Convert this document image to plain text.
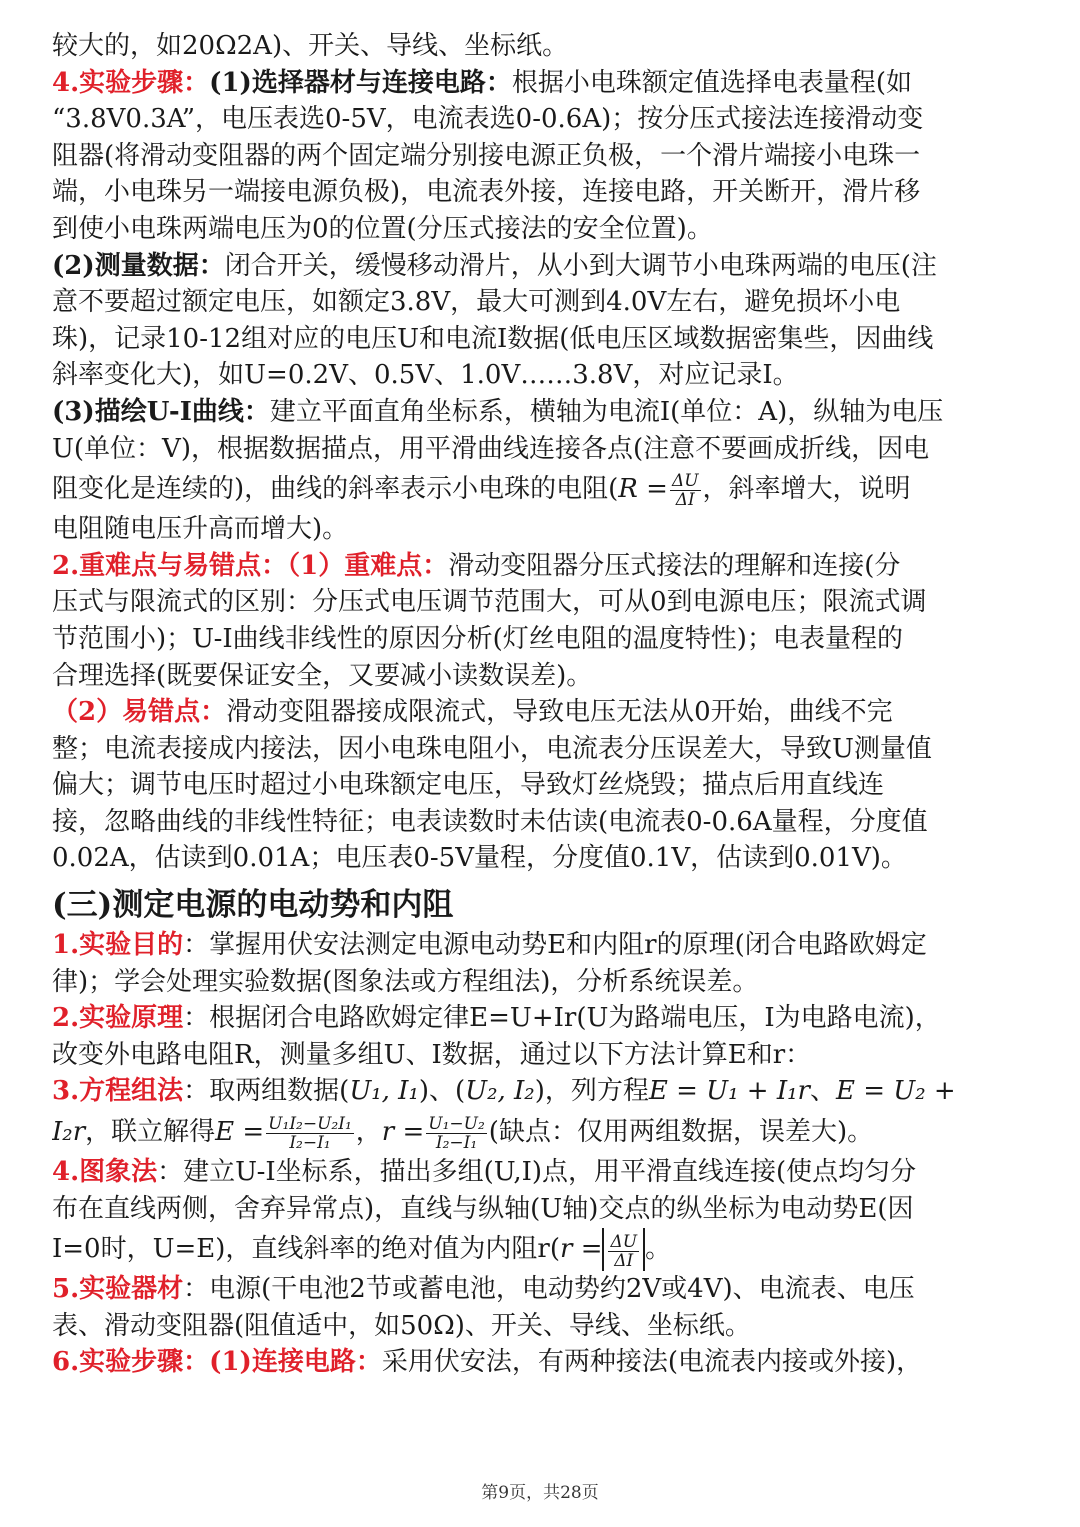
较大的，如20Ω2A)、开关、导线、坐标纸。
4.实验步骤：(1)选择器材与连接电路：根据小电珠额定值选择电表量程(如
“3.8V0.3A”，电压表选0-5V，电流表选0-0.6A)；按分压式接法连接滑动变
阻器(将滑动变阻器的两个固定端分别接电源正负极，一个滑片端接小电珠一
端，小电珠另一端接电源负极)，电流表外接，连接电路，开关断开，滑片移
到使小电珠两端电压为0的位置(分压式接法的安全位置)。
(2)测量数据：闭合开关，缓慢移动滑片，从小到大调节小电珠两端的电压(注
意不要超过额定电压，如额定3.8V，最大可测到4.0V左右，避免损坏小电
珠)，记录10-12组对应的电压U和电流I数据(低电压区域数据密集些，因曲线
斜率变化大)，如U=0.2V、0.5V、1.0V……3.8V，对应记录I。
(3)描绘U-I曲线：建立平面直角坐标系，横轴为电流I(单位：A)，纵轴为电压
U(单位：V)，根据数据描点，用平滑曲线连接各点(注意不要画成折线，因电
阻变化是连续的)，曲线的斜率表示小电珠的电阻($R = \frac{\Delta U}{\Delta I}$ ，斜率增大，说明
电阻随电压升高而增大)。
2.重难点与易错点：（1）重难点：滑动变阻器分压式接法的理解和连接(分
压式与限流式的区别：分压式电压调节范围大，可从0到电源电压；限流式调
节范围小)；U-I曲线非线性的原因分析(灯丝电阻的温度特性)；电表量程的
合理选择(既要保证安全，又要减小读数误差)。
（2）易错点：滑动变阻器接成限流式，导致电压无法从0开始，曲线不完
整；电流表接成内接法，因小电珠电阻小，电流表分压误差大，导致U测量值
偏大；调节电压时超过小电珠额定电压，导致灯丝烧毁；描点后用直线连
接，忽略曲线的非线性特征；电表读数时未估读(电流表0-0.6A量程，分度值
0.02A，估读到0.01A；电压表0-5V量程，分度值0.1V，估读到0.01V)。
(三)测定电源的电动势和内阻
1.实验目的：掌握用伏安法测定电源电动势E和内阻r的原理(闭合电路欧姆定
律)；学会处理实验数据(图象法或方程组法)，分析系统误差。
2.实验原理：根据闭合电路欧姆定律E=U+Ir(U为路端电压，I为电路电流)，
改变外电路电阻R，测量多组U、I数据，通过以下方法计算E和r：
3.方程组法：取两组数据(U₁, I₁)、(U₂, I₂)，列方程E = U₁ + I₁r、E = U₂ +
I₂r，联立解得$E = \frac{\text{U₁I₂−U₂I₁}}{\text{I₂−I₁}}$ ，$r = \frac{\text{U₁−U₂}}{\text{I₂−I₁}}$ (缺点：仅用两组数据，误差大)。
4.图象法：建立U-I坐标系，描出多组(U,I)点，用平滑直线连接(使点均匀分
布在直线两侧，舍弃异常点)，直线与纵轴(U轴)交点的纵坐标为电动势E(因
I=0时，U=E)，直线斜率的绝对值为内阻$r(r = \frac{\Delta U}{\Delta I}$ 。
5.实验器材：电源(干电池2节或蓄电池，电动势约2V或4V)、电流表、电压
表、滑动变阻器(阻值适中，如50Ω)、开关、导线、坐标纸。
6.实验步骤：(1)连接电路：采用伏安法，有两种接法(电流表内接或外接)，
第9页，共28页
